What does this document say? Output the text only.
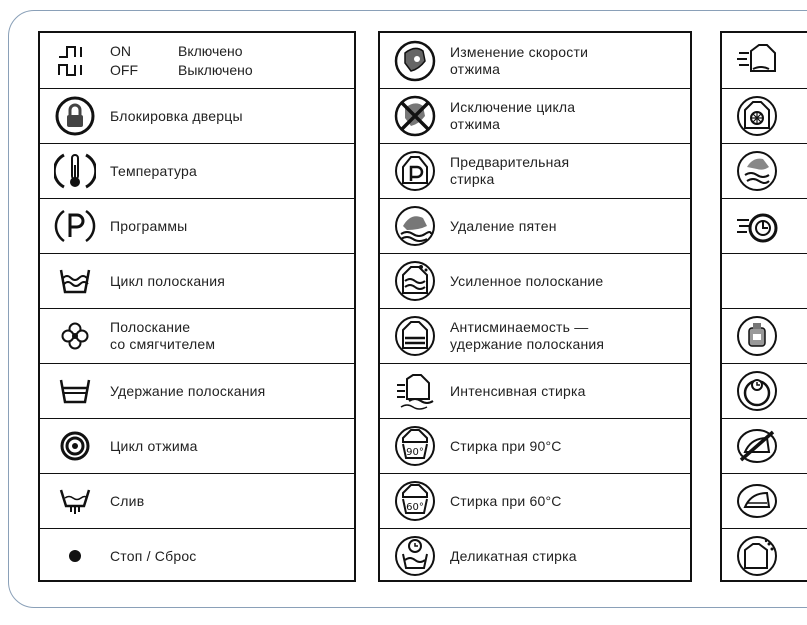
ON	Включено
OFF	Выключено
Блокировка дверцы
Температура
Программы
Цикл полоскания
Полоскание
со смягчителем
Удержание полоскания
Цикл отжима
Слив
Стоп / Сброс
Изменение скорости
отжима
Исключение цикла
отжима
Предварительная
стирка
Удаление пятен
Усиленное полоскание
Антисминаемость —
удержание полоскания
Интенсивная стирка
90° Стирка при 90°С
60° Стирка при 60°С
Деликатная стирка
